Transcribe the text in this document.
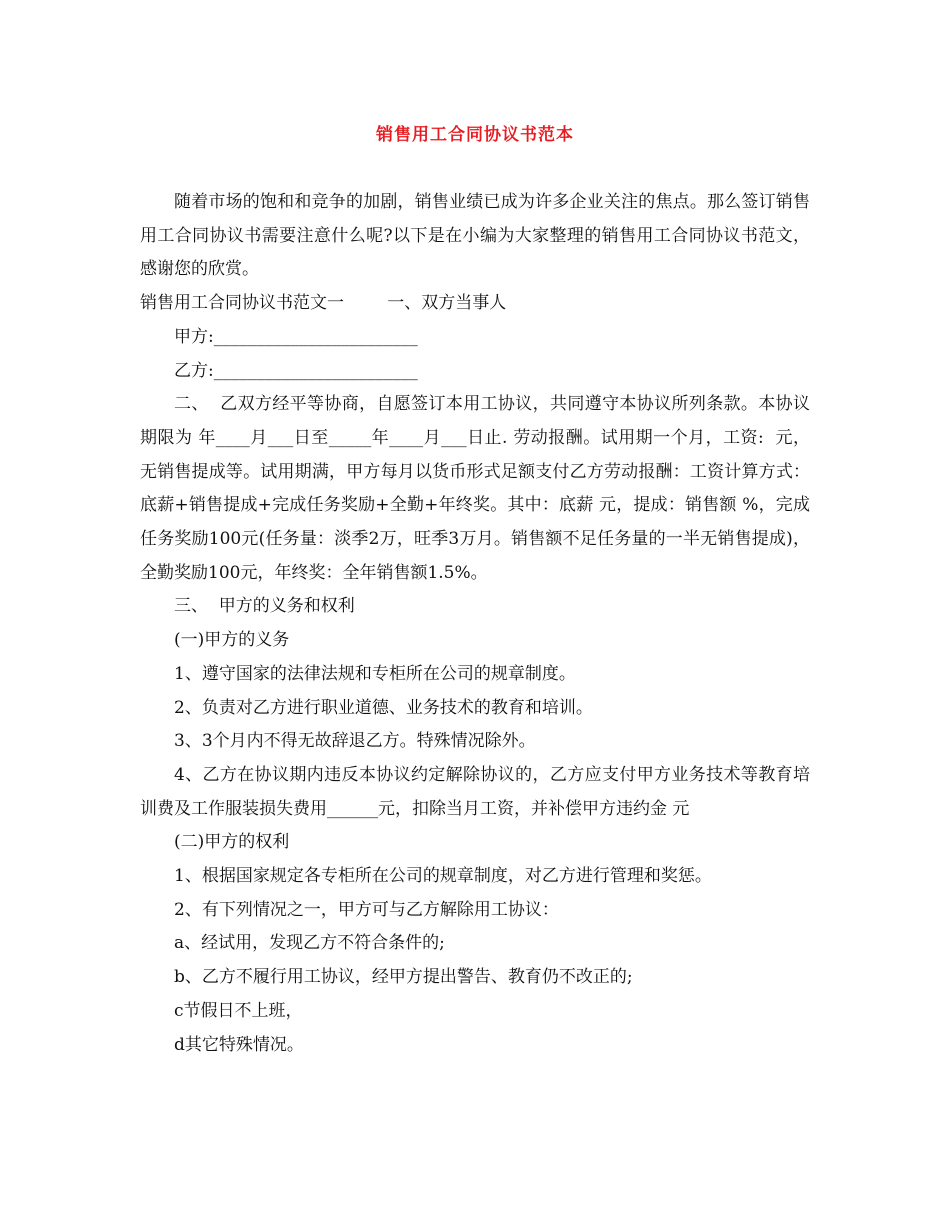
销售用工合同协议书范本

随着市场的饱和和竞争的加剧，销售业绩已成为许多企业关注的焦点。那么签订销售用工合同协议书需要注意什么呢?以下是在小编为大家整理的销售用工合同协议书范文，感谢您的欣赏。

销售用工合同协议书范文一        一、双方当事人

甲方:________________________

乙方:________________________

二、  乙双方经平等协商，自愿签订本用工协议，共同遵守本协议所列条款。本协议期限为 年____月___日至_____年____月___日止. 劳动报酬。试用期一个月，工资:  元，无销售提成等。试用期满，甲方每月以货币形式足额支付乙方劳动报酬：工资计算方式：底薪+销售提成+完成任务奖励+全勤+年终奖。其中：底薪 元，提成：销售额 %，完成任务奖励100元(任务量：淡季2万，旺季3万月。销售额不足任务量的一半无销售提成)，全勤奖励100元，年终奖：全年销售额1.5%。

三、  甲方的义务和权利

(一)甲方的义务

1、遵守国家的法律法规和专柜所在公司的规章制度。

2、负责对乙方进行职业道德、业务技术的教育和培训。

3、3个月内不得无故辞退乙方。特殊情况除外。

4、乙方在协议期内违反本协议约定解除协议的，乙方应支付甲方业务技术等教育培训费及工作服装损失费用______元，扣除当月工资，并补偿甲方违约金 元

(二)甲方的权利

1、根据国家规定各专柜所在公司的规章制度，对乙方进行管理和奖惩。

2、有下列情况之一，甲方可与乙方解除用工协议：

a、经试用，发现乙方不符合条件的;

b、乙方不履行用工协议，经甲方提出警告、教育仍不改正的;

c节假日不上班，

d其它特殊情况。
